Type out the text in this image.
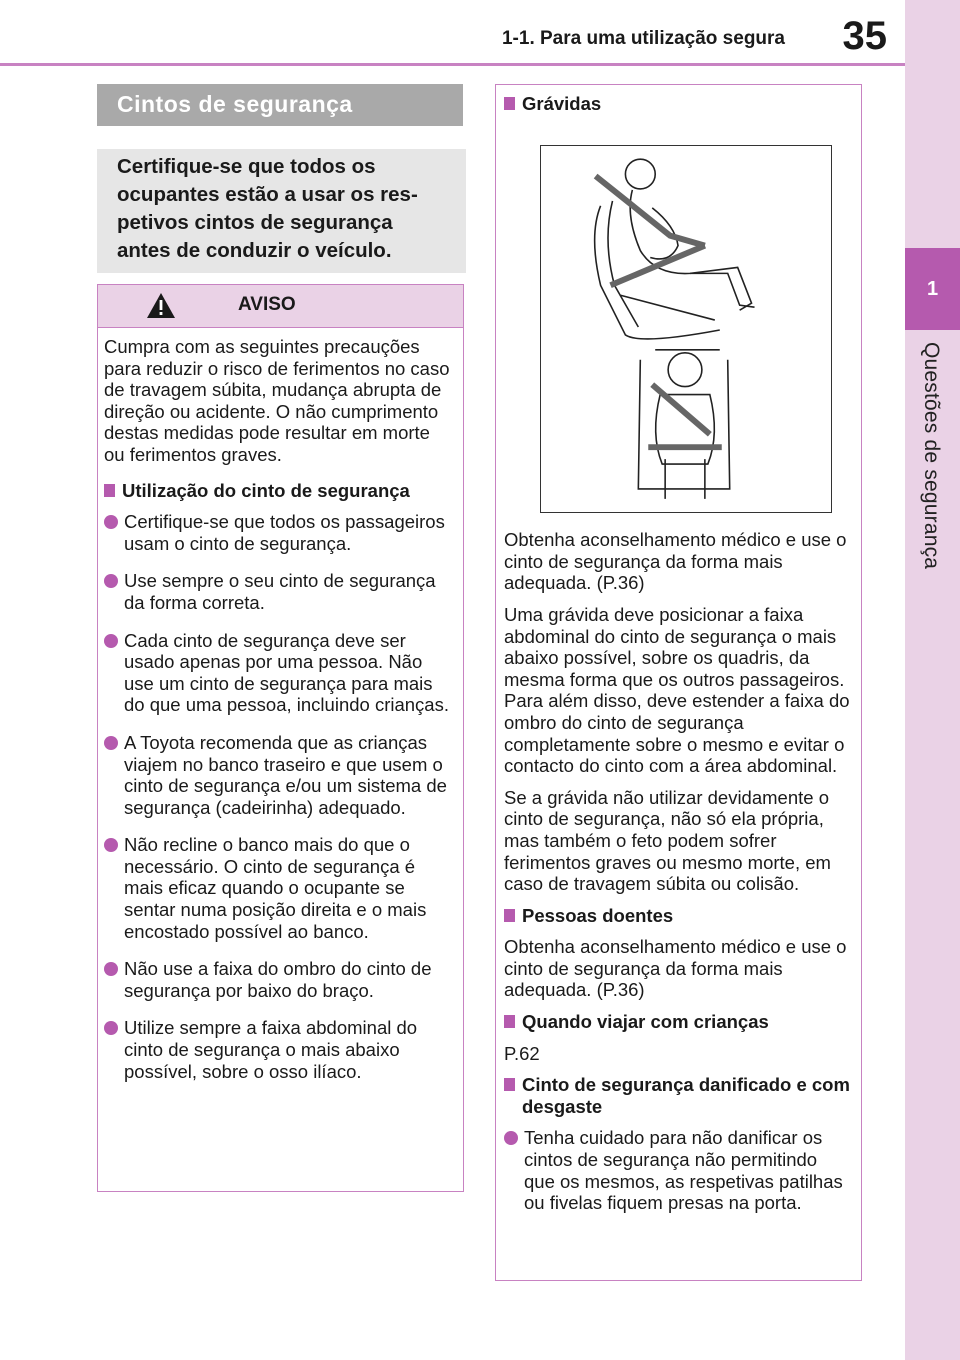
1-1. Para uma utilização segura 35
1
Questões de segurança
Cintos de segurança
Certifique-se que todos os
ocupantes estão a usar os res-
petivos cintos de segurança
antes de conduzir o veículo.
AVISO
Cumpra com as seguintes precauções para reduzir o risco de ferimentos no caso de travagem súbita, mudança abrupta de direção ou acidente. O não cumprimento destas medidas pode resultar em morte ou ferimentos graves.
Utilização do cinto de segurança
Certifique-se que todos os passageiros usam o cinto de segurança.
Use sempre o seu cinto de segurança da forma correta.
Cada cinto de segurança deve ser usado apenas por uma pessoa. Não use um cinto de segurança para mais do que uma pessoa, incluindo crianças.
A Toyota recomenda que as crianças viajem no banco traseiro e que usem o cinto de segurança e/ou um sistema de segurança (cadeirinha) adequado.
Não recline o banco mais do que o necessário. O cinto de segurança é mais eficaz quando o ocupante se sentar numa posição direita e o mais encostado possível ao banco.
Não use a faixa do ombro do cinto de segurança por baixo do braço.
Utilize sempre a faixa abdominal do cinto de segurança o mais abaixo possível, sobre o osso ilíaco.
Grávidas
Obtenha aconselhamento médico e use o cinto de segurança da forma mais adequada. (P.36)
Uma grávida deve posicionar a faixa abdominal do cinto de segurança o mais abaixo possível, sobre os quadris, da mesma forma que os outros passageiros. Para além disso, deve estender a faixa do ombro do cinto de segurança completamente sobre o mesmo e evitar o contacto do cinto com a área abdominal.
Se a grávida não utilizar devidamente o cinto de segurança, não só ela própria, mas também o feto podem sofrer ferimentos graves ou mesmo morte, em caso de travagem súbita ou colisão.
Pessoas doentes
Obtenha aconselhamento médico e use o cinto de segurança da forma mais adequada. (P.36)
Quando viajar com crianças
P.62
Cinto de segurança danificado e com desgaste
Tenha cuidado para não danificar os cintos de segurança não permitindo que os mesmos, as respetivas patilhas ou fivelas fiquem presas na porta.
